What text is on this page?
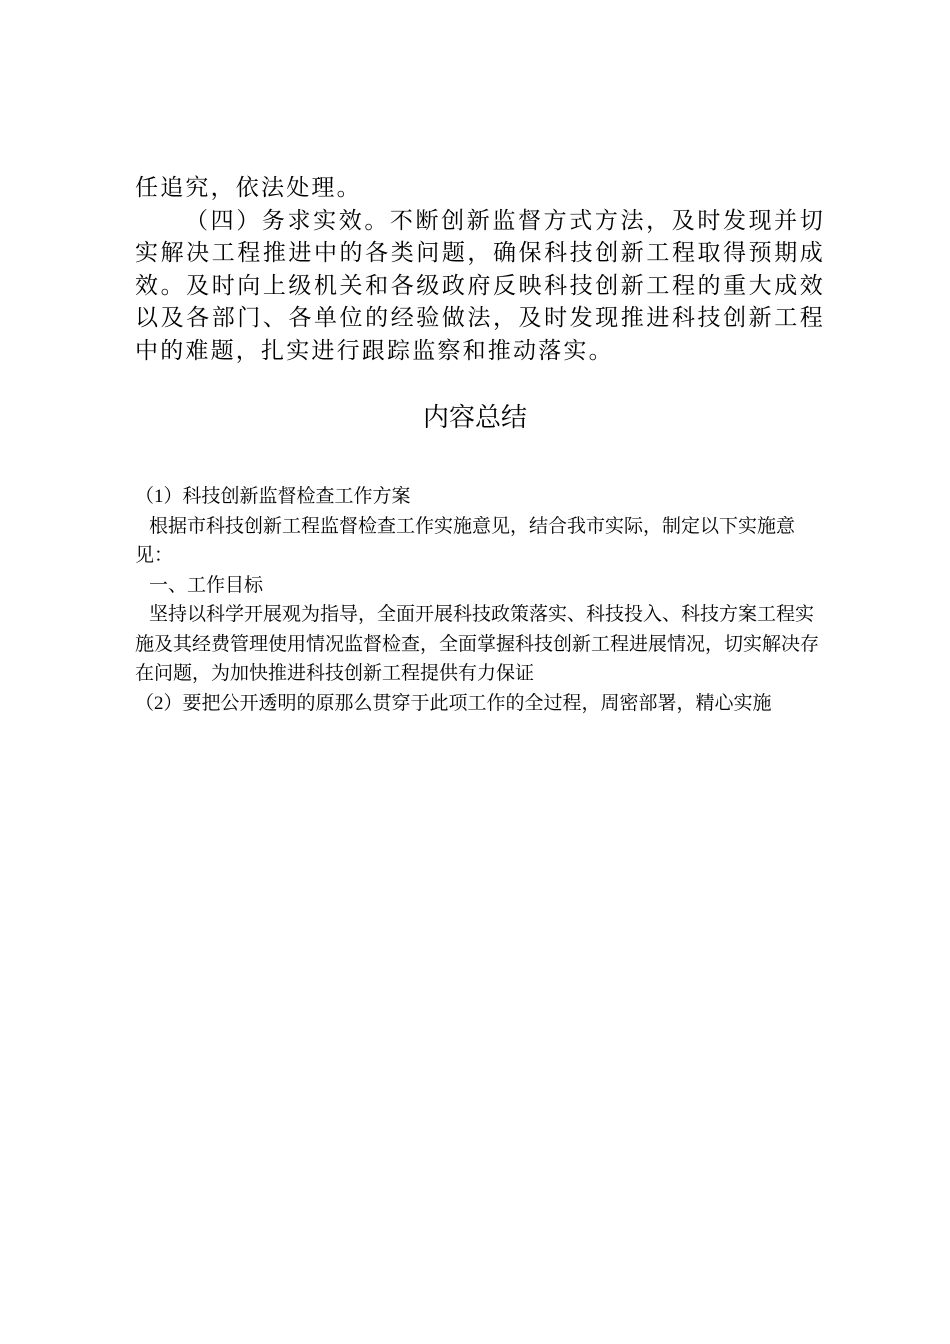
任追究，依法处理。

（四）务求实效。不断创新监督方式方法，及时发现并切实解决工程推进中的各类问题，确保科技创新工程取得预期成效。及时向上级机关和各级政府反映科技创新工程的重大成效以及各部门、各单位的经验做法，及时发现推进科技创新工程中的难题，扎实进行跟踪监察和推动落实。

内容总结

（1）科技创新监督检查工作方案

根据市科技创新工程监督检查工作实施意见，结合我市实际，制定以下实施意见：

一、工作目标

坚持以科学开展观为指导，全面开展科技政策落实、科技投入、科技方案工程实施及其经费管理使用情况监督检查，全面掌握科技创新工程进展情况，切实解决存在问题，为加快推进科技创新工程提供有力保证

（2）要把公开透明的原那么贯穿于此项工作的全过程，周密部署，精心实施
